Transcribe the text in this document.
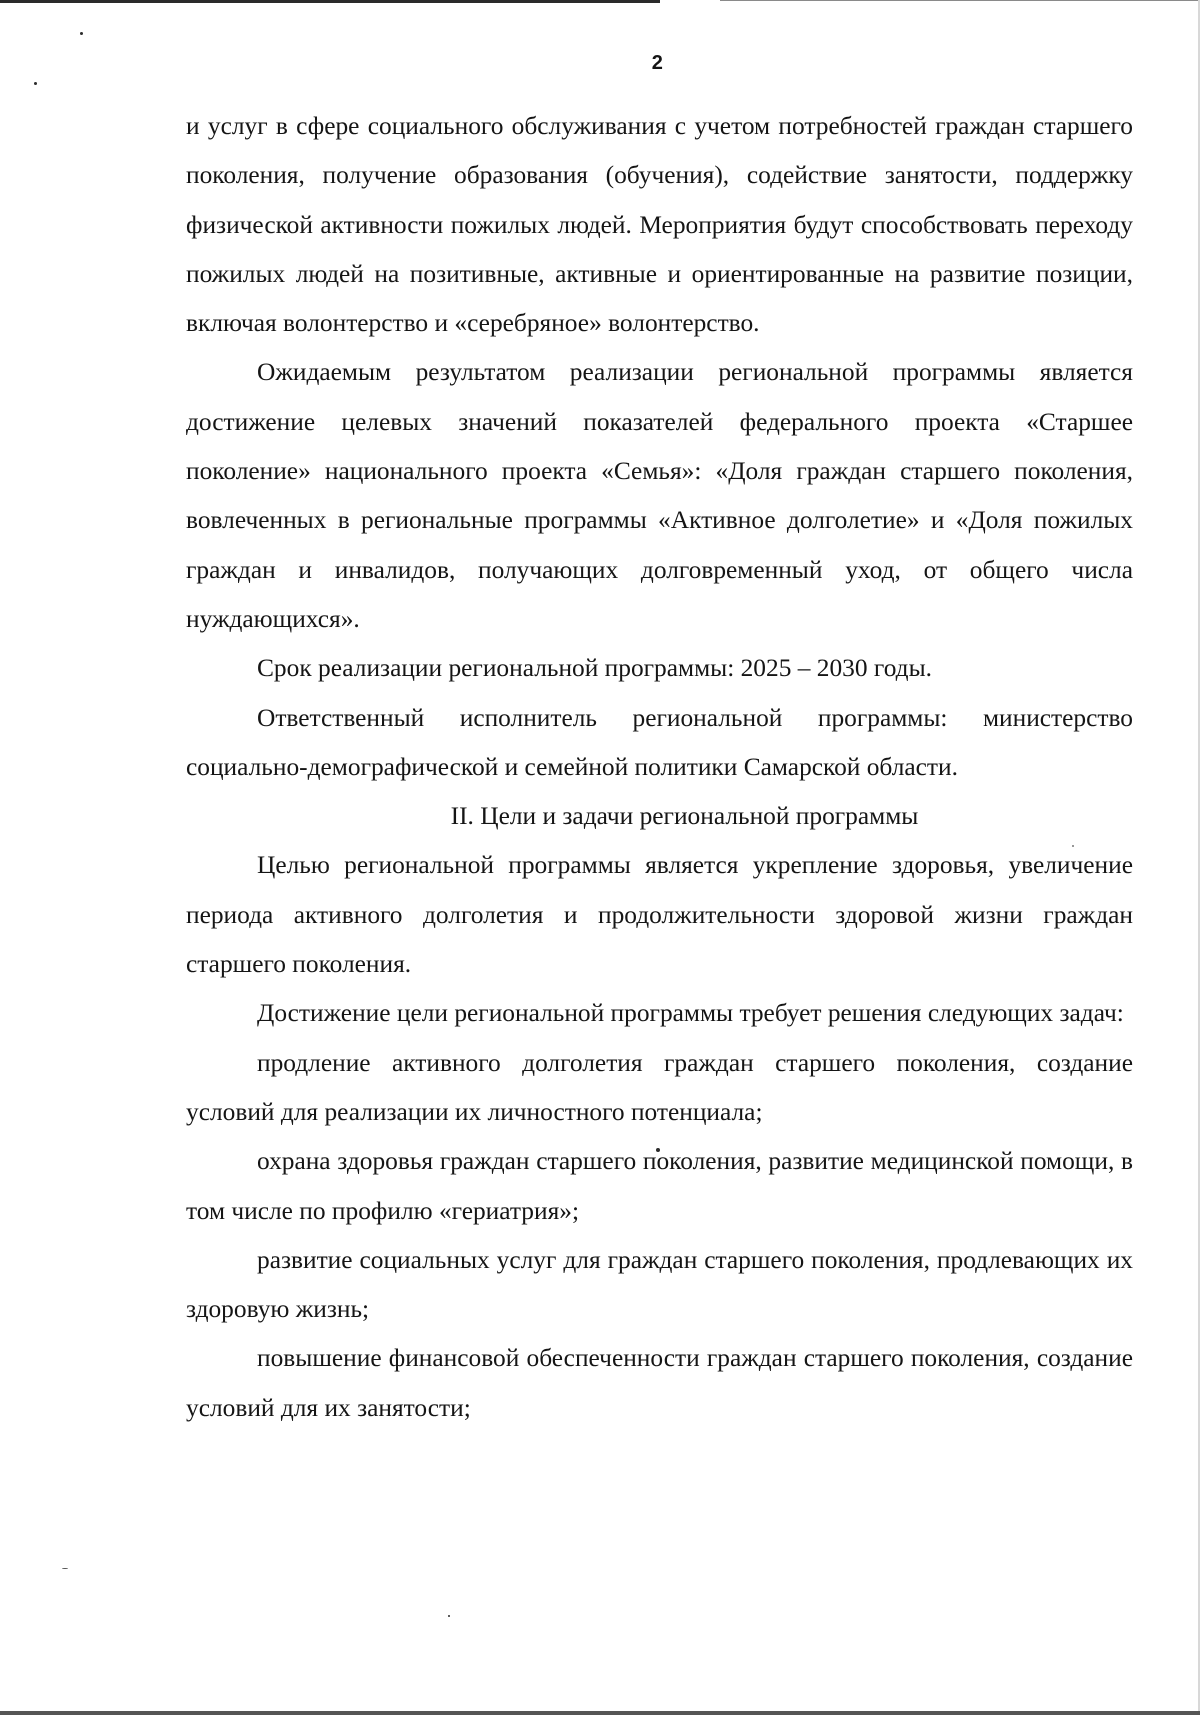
2

и услуг в сфере социального обслуживания с учетом потребностей граждан старшего поколения, получение образования (обучения), содействие занятости, поддержку физической активности пожилых людей. Мероприятия будут способствовать переходу пожилых людей на позитивные, активные и ориентированные на развитие позиции, включая волонтерство и «серебряное» волонтерство.

Ожидаемым результатом реализации региональной программы является достижение целевых значений показателей федерального проекта «Старшее поколение» национального проекта «Семья»: «Доля граждан старшего поколения, вовлеченных в региональные программы «Активное долголетие» и «Доля пожилых граждан и инвалидов, получающих долговременный уход, от общего числа нуждающихся».

Срок реализации региональной программы: 2025 – 2030 годы.

Ответственный исполнитель региональной программы: министерство социально-демографической и семейной политики Самарской области.

II. Цели и задачи региональной программы

Целью региональной программы является укрепление здоровья, увеличение периода активного долголетия и продолжительности здоровой жизни граждан старшего поколения.

Достижение цели региональной программы требует решения следующих задач:

продление активного долголетия граждан старшего поколения, создание условий для реализации их личностного потенциала;

охрана здоровья граждан старшего поколения, развитие медицинской помощи, в том числе по профилю «гериатрия»;

развитие социальных услуг для граждан старшего поколения, продлевающих их здоровую жизнь;

повышение финансовой обеспеченности граждан старшего поколения, создание условий для их занятости;
